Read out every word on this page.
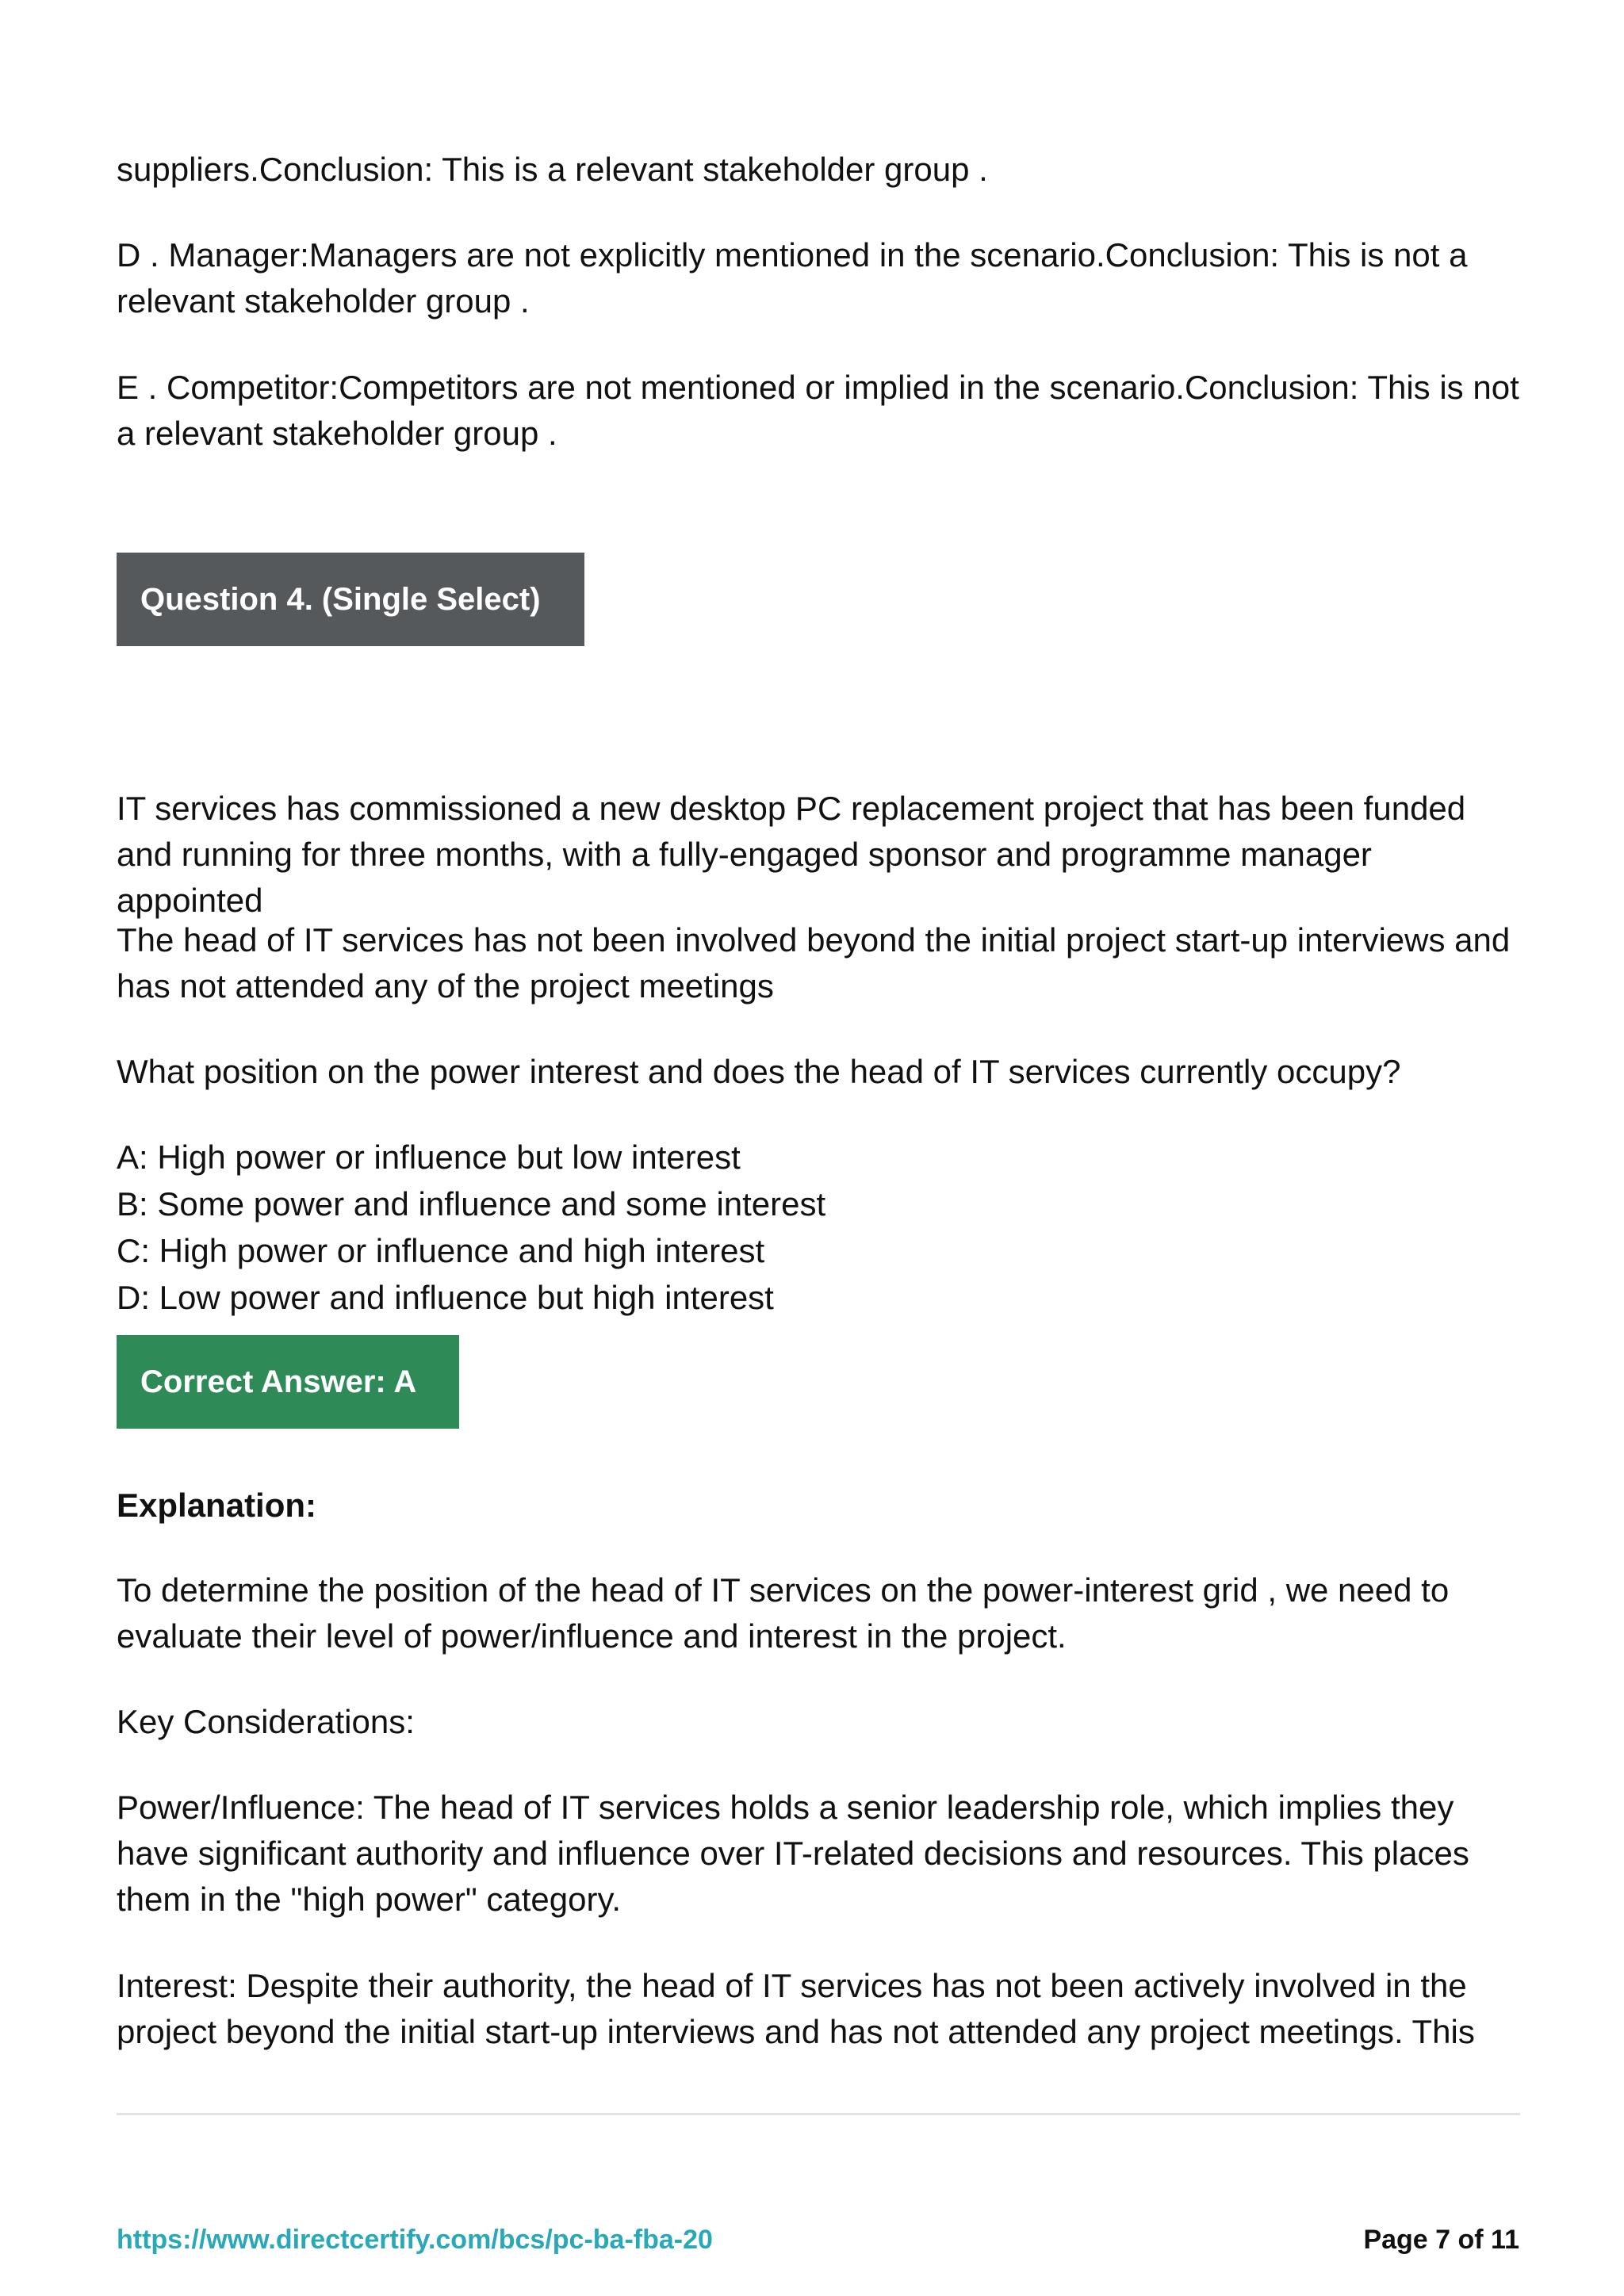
suppliers.Conclusion: This is a relevant stakeholder group .

D . Manager:Managers are not explicitly mentioned in the scenario.Conclusion: This is not a relevant stakeholder group .

E . Competitor:Competitors are not mentioned or implied in the scenario.Conclusion: This is not a relevant stakeholder group .

Question 4. (Single Select)

IT services has commissioned a new desktop PC replacement project that has been funded and running for three months, with a fully-engaged sponsor and programme manager appointed

The head of IT services has not been involved beyond the initial project start-up interviews and has not attended any of the project meetings

What position on the power interest and does the head of IT services currently occupy?

A: High power or influence but low interest

B: Some power and influence and some interest

C: High power or influence and high interest

D: Low power and influence but high interest

Correct Answer: A

Explanation:

To determine the position of the head of IT services on the power-interest grid , we need to evaluate their level of power/influence and interest in the project.

Key Considerations:

Power/Influence: The head of IT services holds a senior leadership role, which implies they have significant authority and influence over IT-related decisions and resources. This places them in the "high power" category.

Interest: Despite their authority, the head of IT services has not been actively involved in the project beyond the initial start-up interviews and has not attended any project meetings. This

https://www.directcertify.com/bcs/pc-ba-fba-20	Page 7 of 11
